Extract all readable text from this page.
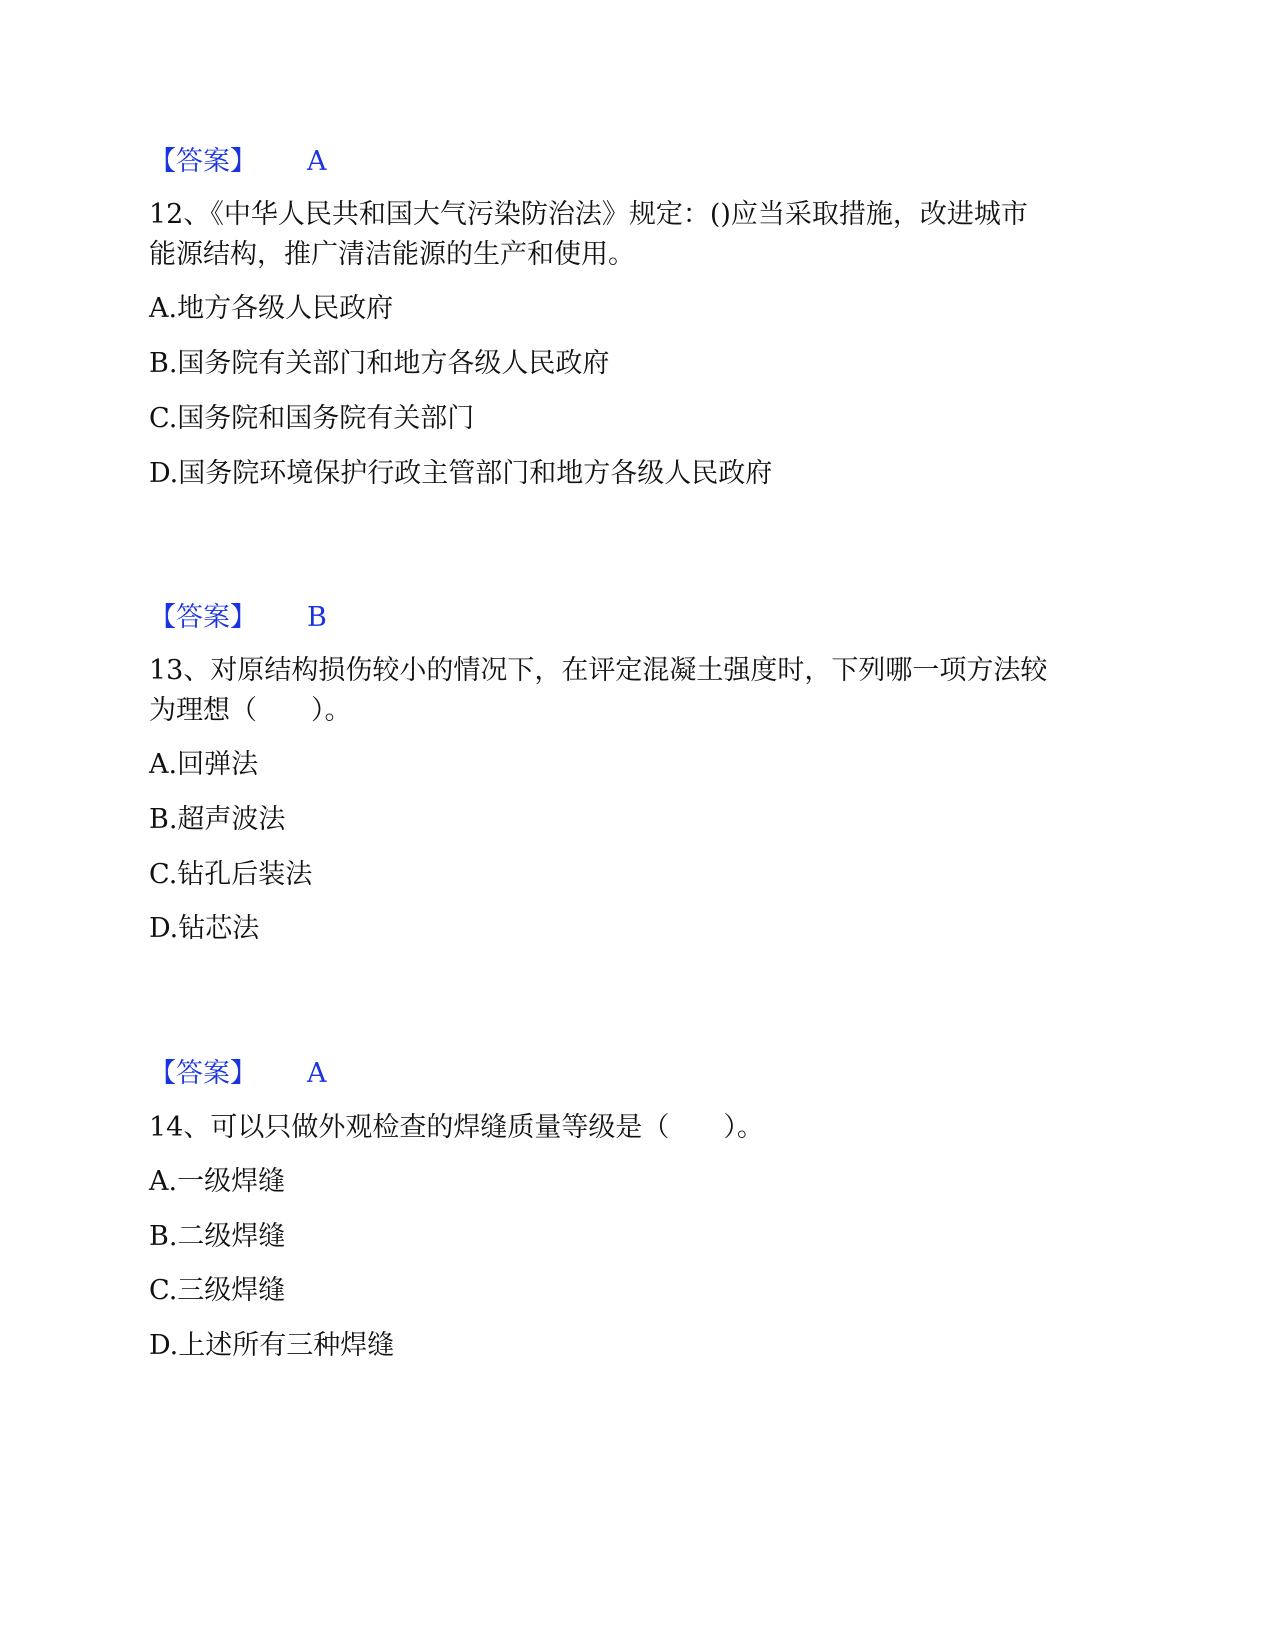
【答案】 A
12、《中华人民共和国大气污染防治法》规定：()应当采取措施，改进城市
能源结构，推广清洁能源的生产和使用。
A.地方各级人民政府
B.国务院有关部门和地方各级人民政府
C.国务院和国务院有关部门
D.国务院环境保护行政主管部门和地方各级人民政府
【答案】 B
13、对原结构损伤较小的情况下，在评定混凝土强度时，下列哪一项方法较
为理想（　　）。
A.回弹法
B.超声波法
C.钻孔后装法
D.钻芯法
【答案】 A
14、可以只做外观检查的焊缝质量等级是（　　）。
A.一级焊缝
B.二级焊缝
C.三级焊缝
D.上述所有三种焊缝
